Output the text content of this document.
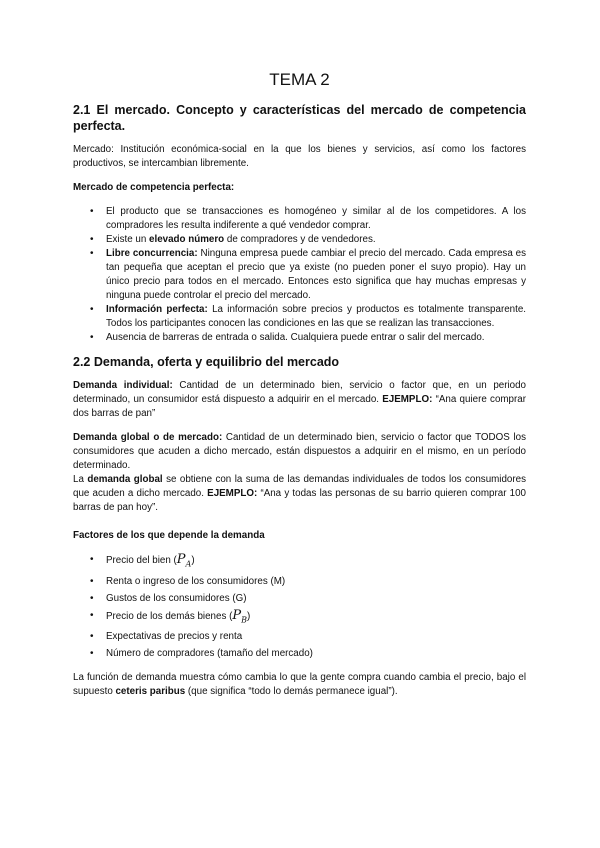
TEMA 2
2.1 El mercado. Concepto y características del mercado de competencia perfecta.

Mercado: Institución económica-social en la que los bienes y servicios, así como los factores productivos, se intercambian libremente.

Mercado de competencia perfecta:
• El producto que se transacciones es homogéneo y similar al de los competidores. A los compradores les resulta indiferente a qué vendedor comprar.
• Existe un elevado número de compradores y de vendedores.
• Libre concurrencia: Ninguna empresa puede cambiar el precio del mercado. Cada empresa es tan pequeña que aceptan el precio que ya existe (no pueden poner el suyo propio). Hay un único precio para todos en el mercado. Entonces esto significa que hay muchas empresas y ninguna puede controlar el precio del mercado.
• Información perfecta: La información sobre precios y productos es totalmente transparente. Todos los participantes conocen las condiciones en las que se realizan las transacciones.
• Ausencia de barreras de entrada o salida. Cualquiera puede entrar o salir del mercado.
2.2 Demanda, oferta y equilibrio del mercado

Demanda individual: Cantidad de un determinado bien, servicio o factor que, en un periodo determinado, un consumidor está dispuesto a adquirir en el mercado. EJEMPLO: “Ana quiere comprar dos barras de pan”

Demanda global o de mercado: Cantidad de un determinado bien, servicio o factor que TODOS los consumidores que acuden a dicho mercado, están dispuestos a adquirir en el mismo, en un período determinado.

La demanda global se obtiene con la suma de las demandas individuales de todos los consumidores que acuden a dicho mercado. EJEMPLO: “Ana y todas las personas de su barrio quieren comprar 100 barras de pan hoy”.

Factores de los que depende la demanda
• Precio del bien $(P_A)$
• Renta o ingreso de los consumidores (M)
• Gustos de los consumidores (G)
• Precio de los demás bienes $(P_B)$
• Expectativas de precios y renta
• Número de compradores (tamaño del mercado)

La función de demanda muestra cómo cambia lo que la gente compra cuando cambia el precio, bajo el supuesto ceteris paribus (que significa “todo lo demás permanece igual”).
